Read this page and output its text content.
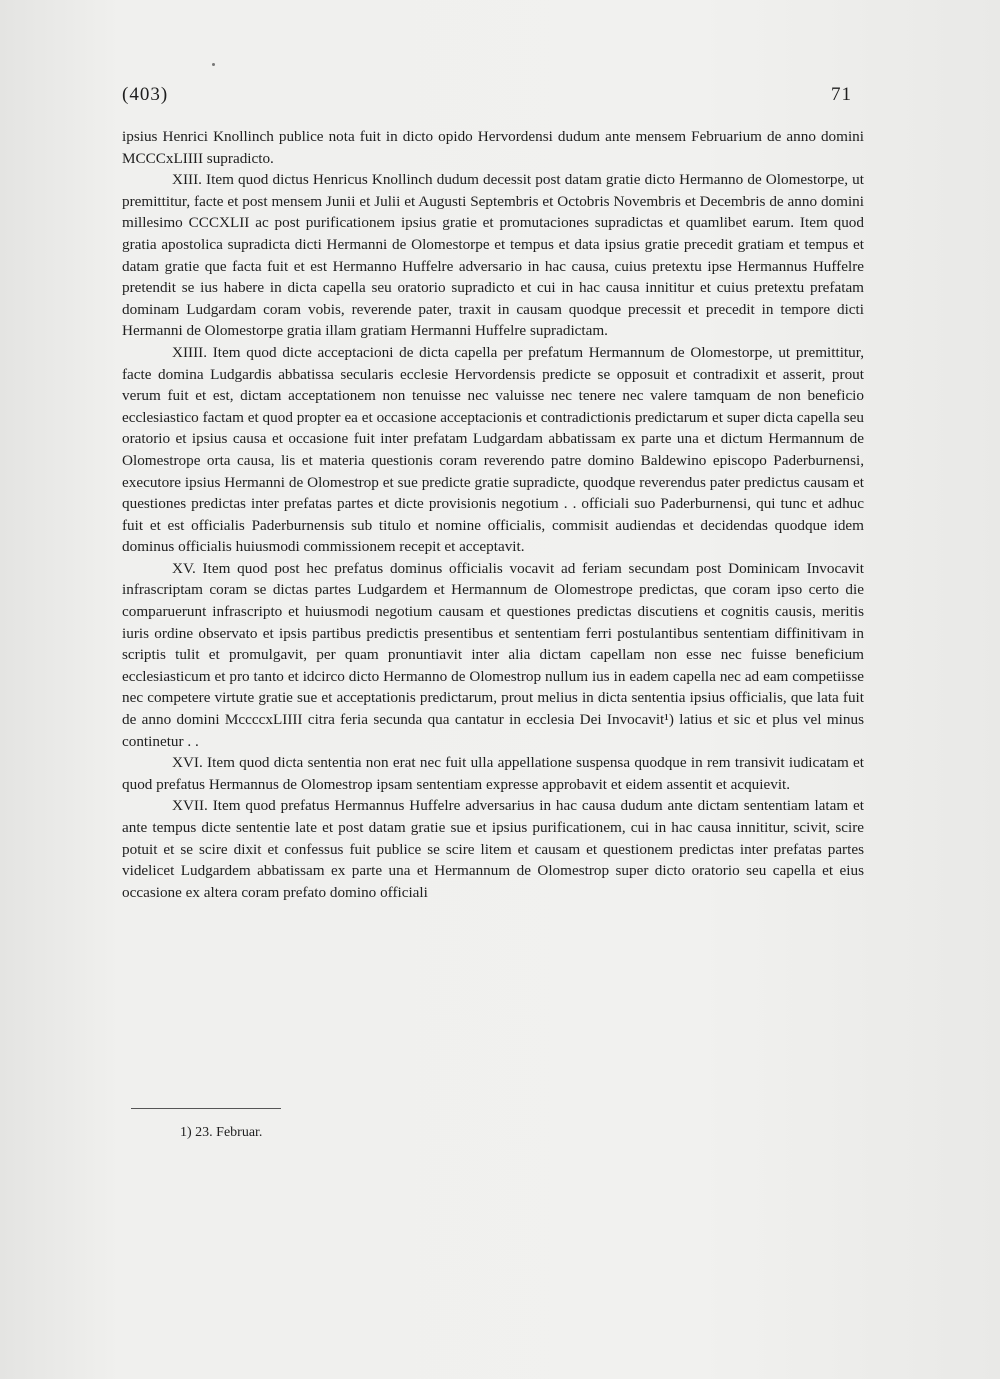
(403)	71

ipsius Henrici Knollinch publice nota fuit in dicto opido Hervordensi dudum ante mensem Februarium de anno domini MCCCxLIIII supradicto.

XIII. Item quod dictus Henricus Knollinch dudum decessit post datam gratie dicto Hermanno de Olomestorpe, ut premittitur, facte et post mensem Junii et Julii et Augusti Septembris et Octobris Novembris et Decembris de anno domini millesimo CCCXLII ac post purificationem ipsius gratie et promutaciones supradictas et quamlibet earum. Item quod gratia apostolica supradicta dicti Hermanni de Olomestorpe et tempus et data ipsius gratie precedit gratiam et tempus et datam gratie que facta fuit et est Hermanno Huffelre adversario in hac causa, cuius pretextu ipse Hermannus Huffelre pretendit se ius habere in dicta capella seu oratorio supradicto et cui in hac causa innititur et cuius pretextu prefatam dominam Ludgardam coram vobis, reverende pater, traxit in causam quodque precessit et precedit in tempore dicti Hermanni de Olomestorpe gratia illam gratiam Hermanni Huffelre supradictam.

XIIII. Item quod dicte acceptacioni de dicta capella per prefatum Hermannum de Olomestorpe, ut premittitur, facte domina Ludgardis abbatissa secularis ecclesie Hervordensis predicte se opposuit et contradixit et asserit, prout verum fuit et est, dictam acceptationem non tenuisse nec valuisse nec tenere nec valere tamquam de non beneficio ecclesiastico factam et quod propter ea et occasione acceptacionis et contradictionis predictarum et super dicta capella seu oratorio et ipsius causa et occasione fuit inter prefatam Ludgardam abbatissam ex parte una et dictum Hermannum de Olomestrope orta causa, lis et materia questionis coram reverendo patre domino Baldewino episcopo Paderburnensi, executore ipsius Hermanni de Olomestrop et sue predicte gratie supradicte, quodque reverendus pater predictus causam et questiones predictas inter prefatas partes et dicte provisionis negotium . . officiali suo Paderburnensi, qui tunc et adhuc fuit et est officialis Paderburnensis sub titulo et nomine officialis, commisit audiendas et decidendas quodque idem dominus officialis huiusmodi commissionem recepit et acceptavit.

XV. Item quod post hec prefatus dominus officialis vocavit ad feriam secundam post Dominicam Invocavit infrascriptam coram se dictas partes Ludgardem et Hermannum de Olomestrope predictas, que coram ipso certo die comparuerunt infrascripto et huiusmodi negotium causam et questiones predictas discutiens et cognitis causis, meritis iuris ordine observato et ipsis partibus predictis presentibus et sententiam ferri postulantibus sententiam diffinitivam in scriptis tulit et promulgavit, per quam pronuntiavit inter alia dictam capellam non esse nec fuisse beneficium ecclesiasticum et pro tanto et idcirco dicto Hermanno de Olomestrop nullum ius in eadem capella nec ad eam competiisse nec competere virtute gratie sue et acceptationis predictarum, prout melius in dicta sententia ipsius officialis, que lata fuit de anno domini MccccxLIIII citra feria secunda qua cantatur in ecclesia Dei Invocavit¹) latius et sic et plus vel minus continetur . .

XVI. Item quod dicta sententia non erat nec fuit ulla appellatione suspensa quodque in rem transivit iudicatam et quod prefatus Hermannus de Olomestrop ipsam sententiam expresse approbavit et eidem assentit et acquievit.

XVII. Item quod prefatus Hermannus Huffelre adversarius in hac causa dudum ante dictam sententiam latam et ante tempus dicte sententie late et post datam gratie sue et ipsius purificationem, cui in hac causa innititur, scivit, scire potuit et se scire dixit et confessus fuit publice se scire litem et causam et questionem predictas inter prefatas partes videlicet Ludgardem abbatissam ex parte una et Hermannum de Olomestrop super dicto oratorio seu capella et eius occasione ex altera coram prefato domino officiali

1) 23. Februar.
